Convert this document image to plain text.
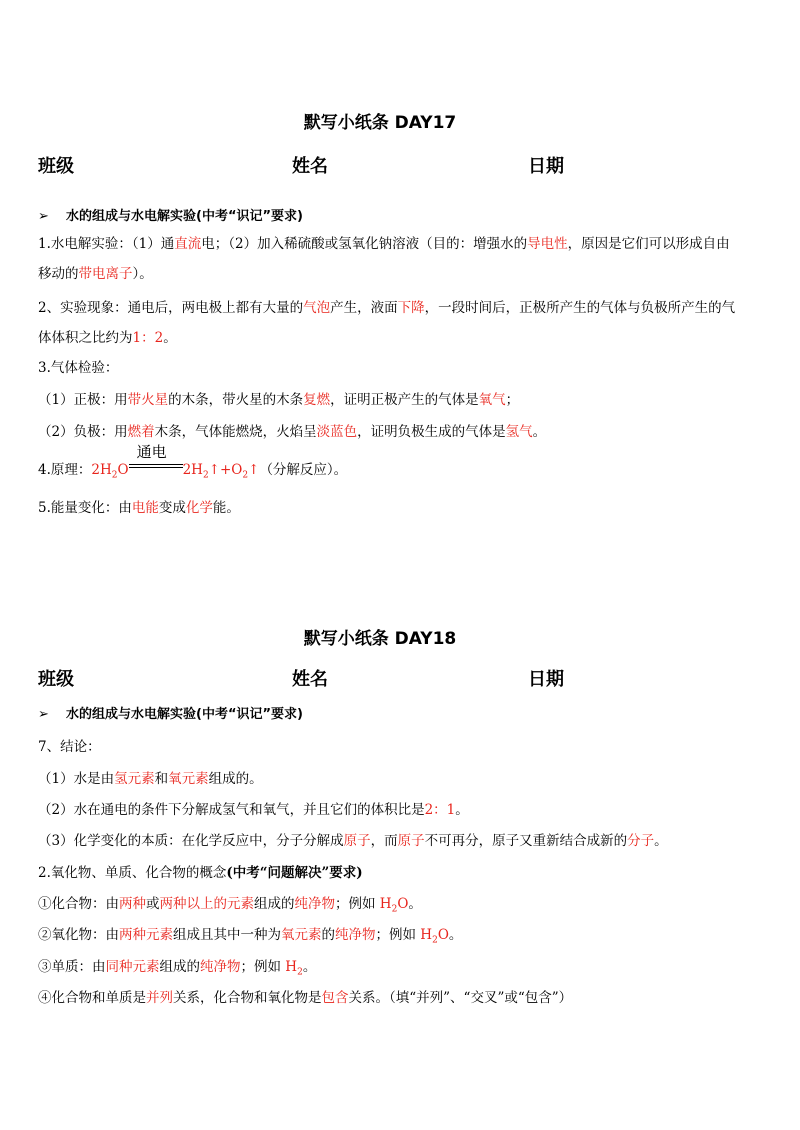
默写小纸条 DAY17
班级	姓名	日期
➢ 水的组成与水电解实验(中考“识记”要求)
1.水电解实验：（1）通直流电；（2）加入稀硫酸或氢氧化钠溶液（目的：增强水的导电性，原因是它们可以形成自由
移动的带电离子）。
2、实验现象：通电后，两电极上都有大量的气泡产生，液面下降，一段时间后，正极所产生的气体与负极所产生的气
体体积之比约为1：2。
3.气体检验：
（1）正极：用带火星的木条，带火星的木条复燃，证明正极产生的气体是氧气；
（2）负极：用燃着木条，气体能燃烧，火焰呈淡蓝色，证明负极生成的气体是氢气。
4.原理：$2H_2O$
通电
$2H_2↑+O_2↑$（分解反应）。
5.能量变化：由电能变成化学能。
默写小纸条 DAY18
班级	姓名	日期
➢ 水的组成与水电解实验(中考“识记”要求)
7、结论：
（1）水是由氢元素和氧元素组成的。
（2）水在通电的条件下分解成氢气和氧气，并且它们的体积比是2：1。
（3）化学变化的本质：在化学反应中，分子分解成原子，而原子不可再分，原子又重新结合成新的分子。
2.氧化物、单质、化合物的概念(中考“问题解决”要求)
①化合物：由两种或两种以上的元素组成的纯净物；例如 $H_2O$。
②氧化物：由两种元素组成且其中一种为氧元素的纯净物；例如 $H_2O$。
③单质：由同种元素组成的纯净物；例如 $H_2$。
④化合物和单质是并列关系，化合物和氧化物是包含关系。（填“并列”、“交叉”或“包含”）
